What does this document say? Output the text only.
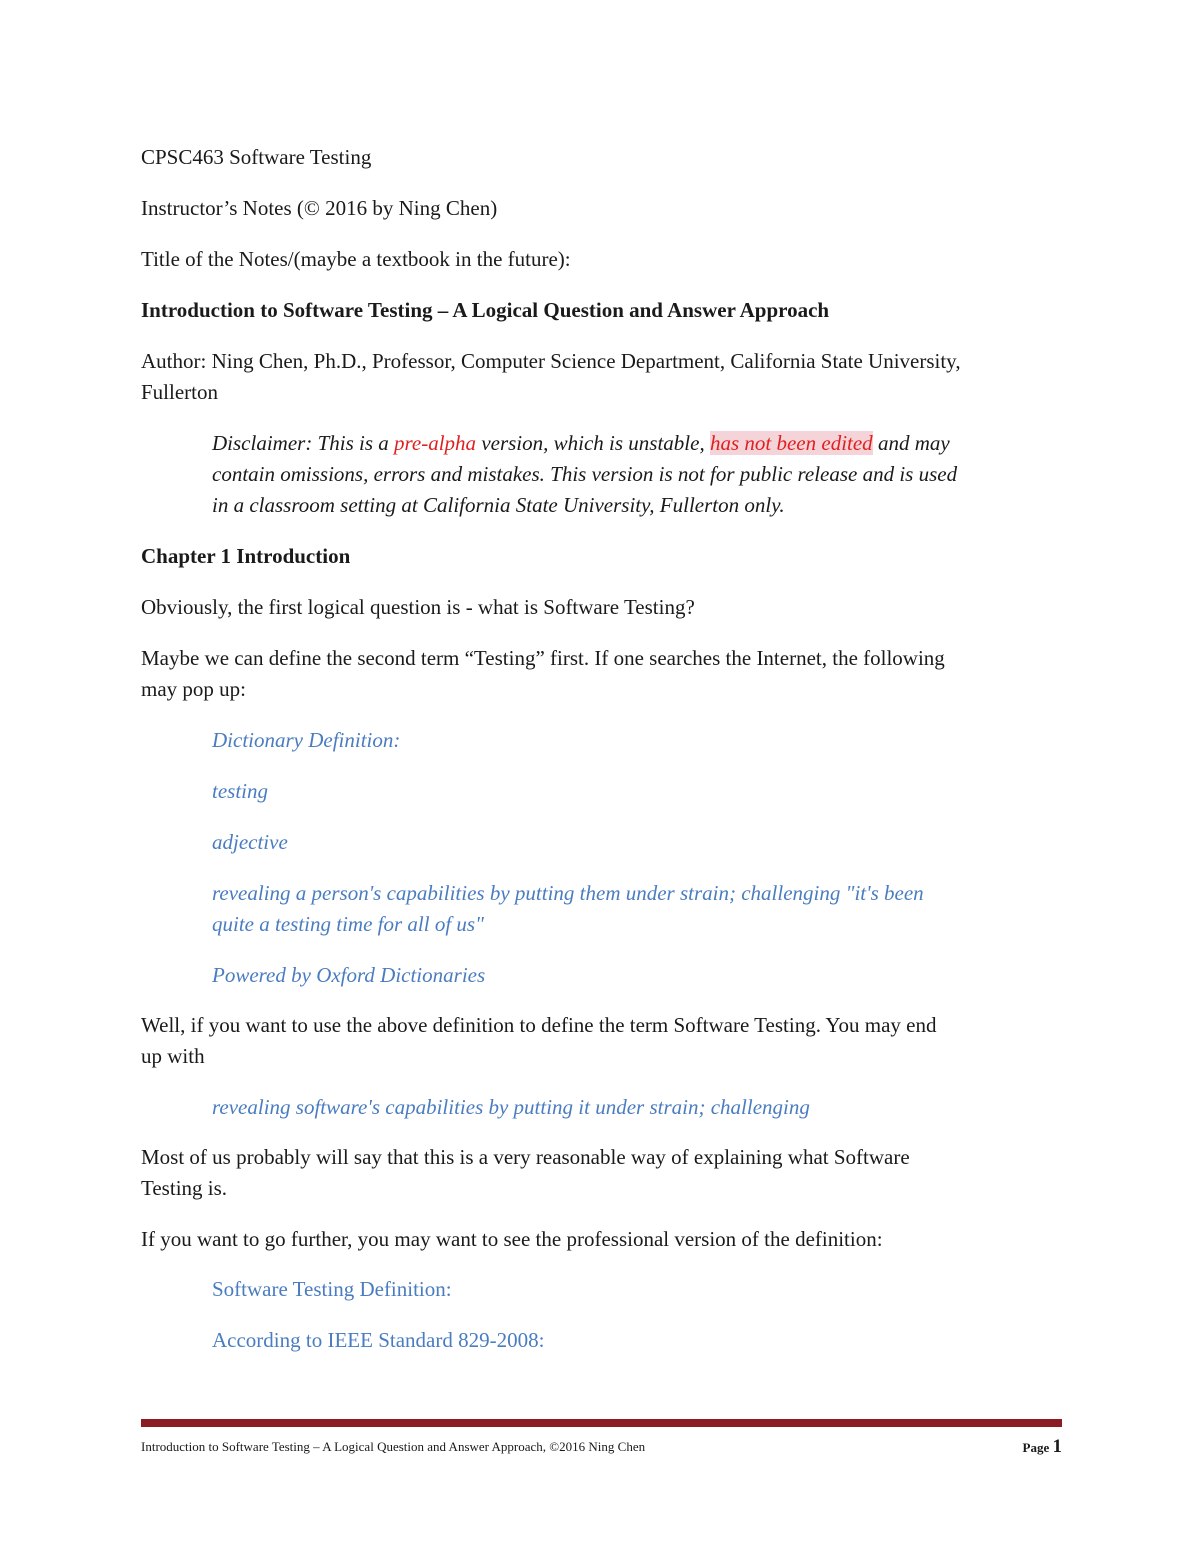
CPSC463 Software Testing

Instructor’s Notes (© 2016 by Ning Chen)

Title of the Notes/(maybe a textbook in the future):

Introduction to Software Testing – A Logical Question and Answer Approach

Author: Ning Chen, Ph.D., Professor, Computer Science Department, California State University,
Fullerton
Disclaimer: This is a pre-alpha version, which is unstable, has not been edited and may
contain omissions, errors and mistakes. This version is not for public release and is used
in a classroom setting at California State University, Fullerton only.

Chapter 1 Introduction

Obviously, the first logical question is - what is Software Testing?

Maybe we can define the second term “Testing” first. If one searches the Internet, the following
may pop up:

Dictionary Definition:

testing

adjective

revealing a person's capabilities by putting them under strain; challenging "it's been
quite a testing time for all of us"

Powered by Oxford Dictionaries

Well, if you want to use the above definition to define the term Software Testing. You may end
up with

revealing software's capabilities by putting it under strain; challenging

Most of us probably will say that this is a very reasonable way of explaining what Software
Testing is.

If you want to go further, you may want to see the professional version of the definition:

Software Testing Definition:

According to IEEE Standard 829-2008:

Introduction to Software Testing – A Logical Question and Answer Approach, ©2016 Ning Chen	Page 1
